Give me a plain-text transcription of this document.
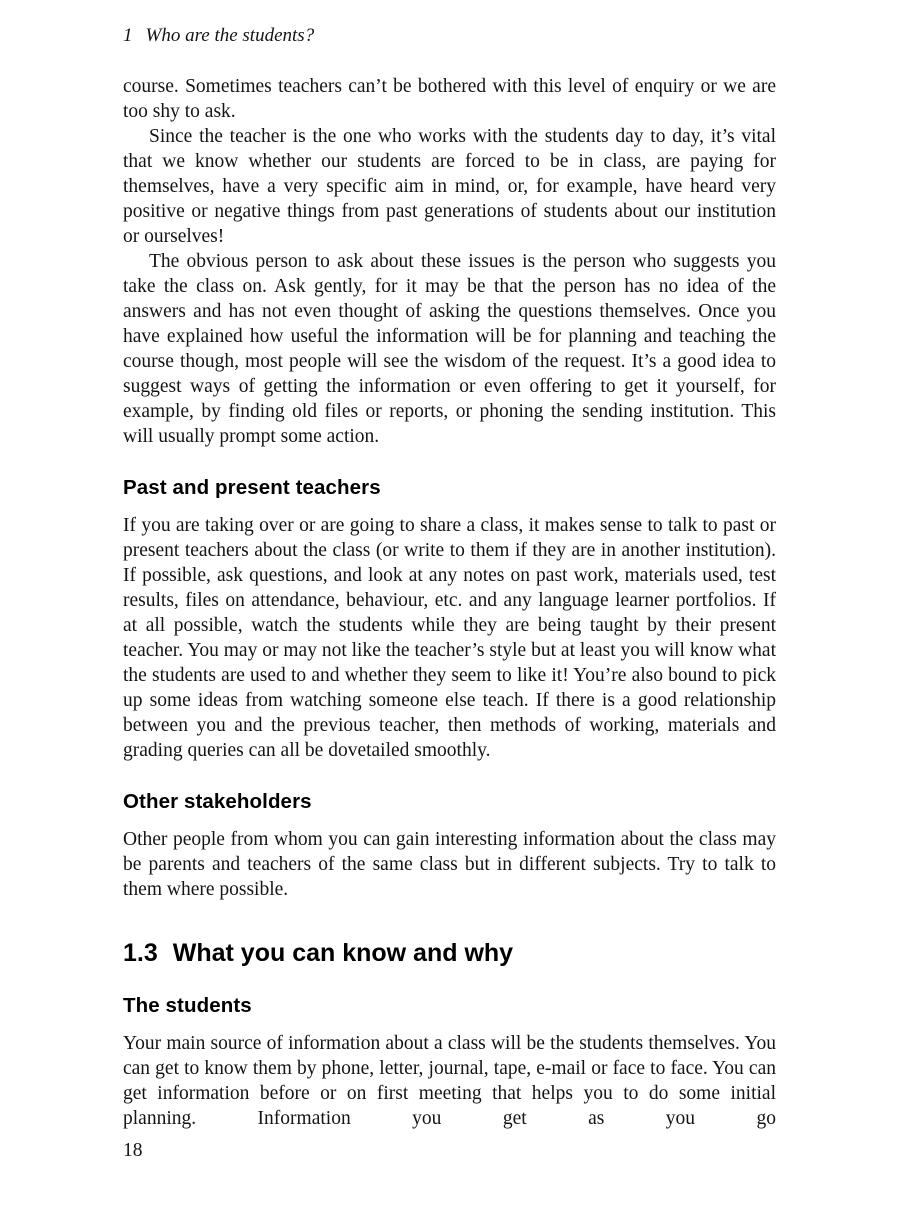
1 Who are the students?

course. Sometimes teachers can’t be bothered with this level of enquiry or we are too shy to ask.

Since the teacher is the one who works with the students day to day, it’s vital that we know whether our students are forced to be in class, are paying for themselves, have a very specific aim in mind, or, for example, have heard very positive or negative things from past generations of students about our institution or ourselves!

The obvious person to ask about these issues is the person who suggests you take the class on. Ask gently, for it may be that the person has no idea of the answers and has not even thought of asking the questions themselves. Once you have explained how useful the information will be for planning and teaching the course though, most people will see the wisdom of the request. It’s a good idea to suggest ways of getting the information or even offering to get it yourself, for example, by finding old files or reports, or phoning the sending institution. This will usually prompt some action.

Past and present teachers

If you are taking over or are going to share a class, it makes sense to talk to past or present teachers about the class (or write to them if they are in another institution). If possible, ask questions, and look at any notes on past work, materials used, test results, files on attendance, behaviour, etc. and any language learner portfolios. If at all possible, watch the students while they are being taught by their present teacher. You may or may not like the teacher’s style but at least you will know what the students are used to and whether they seem to like it! You’re also bound to pick up some ideas from watching someone else teach. If there is a good relationship between you and the previous teacher, then methods of working, materials and grading queries can all be dovetailed smoothly.

Other stakeholders

Other people from whom you can gain interesting information about the class may be parents and teachers of the same class but in different subjects. Try to talk to them where possible.

1.3 What you can know and why
The students

Your main source of information about a class will be the students themselves. You can get to know them by phone, letter, journal, tape, e-mail or face to face. You can get information before or on first meeting that helps you to do some initial planning. Information you get as you go

18
